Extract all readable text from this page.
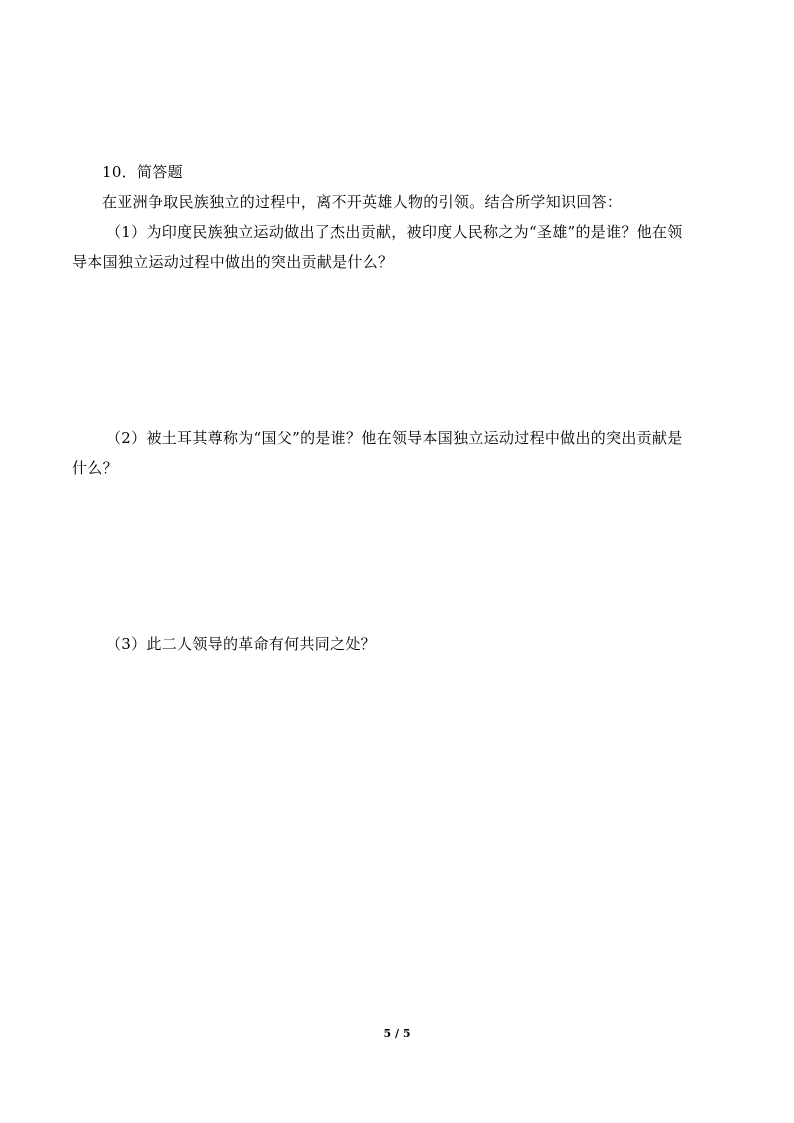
10．简答题
在亚洲争取民族独立的过程中，离不开英雄人物的引领。结合所学知识回答：
（1）为印度民族独立运动做出了杰出贡献，被印度人民称之为“圣雄”的是谁？他在领
导本国独立运动过程中做出的突出贡献是什么？
（2）被土耳其尊称为“国父”的是谁？他在领导本国独立运动过程中做出的突出贡献是
什么？
（3）此二人领导的革命有何共同之处？
5 / 5
